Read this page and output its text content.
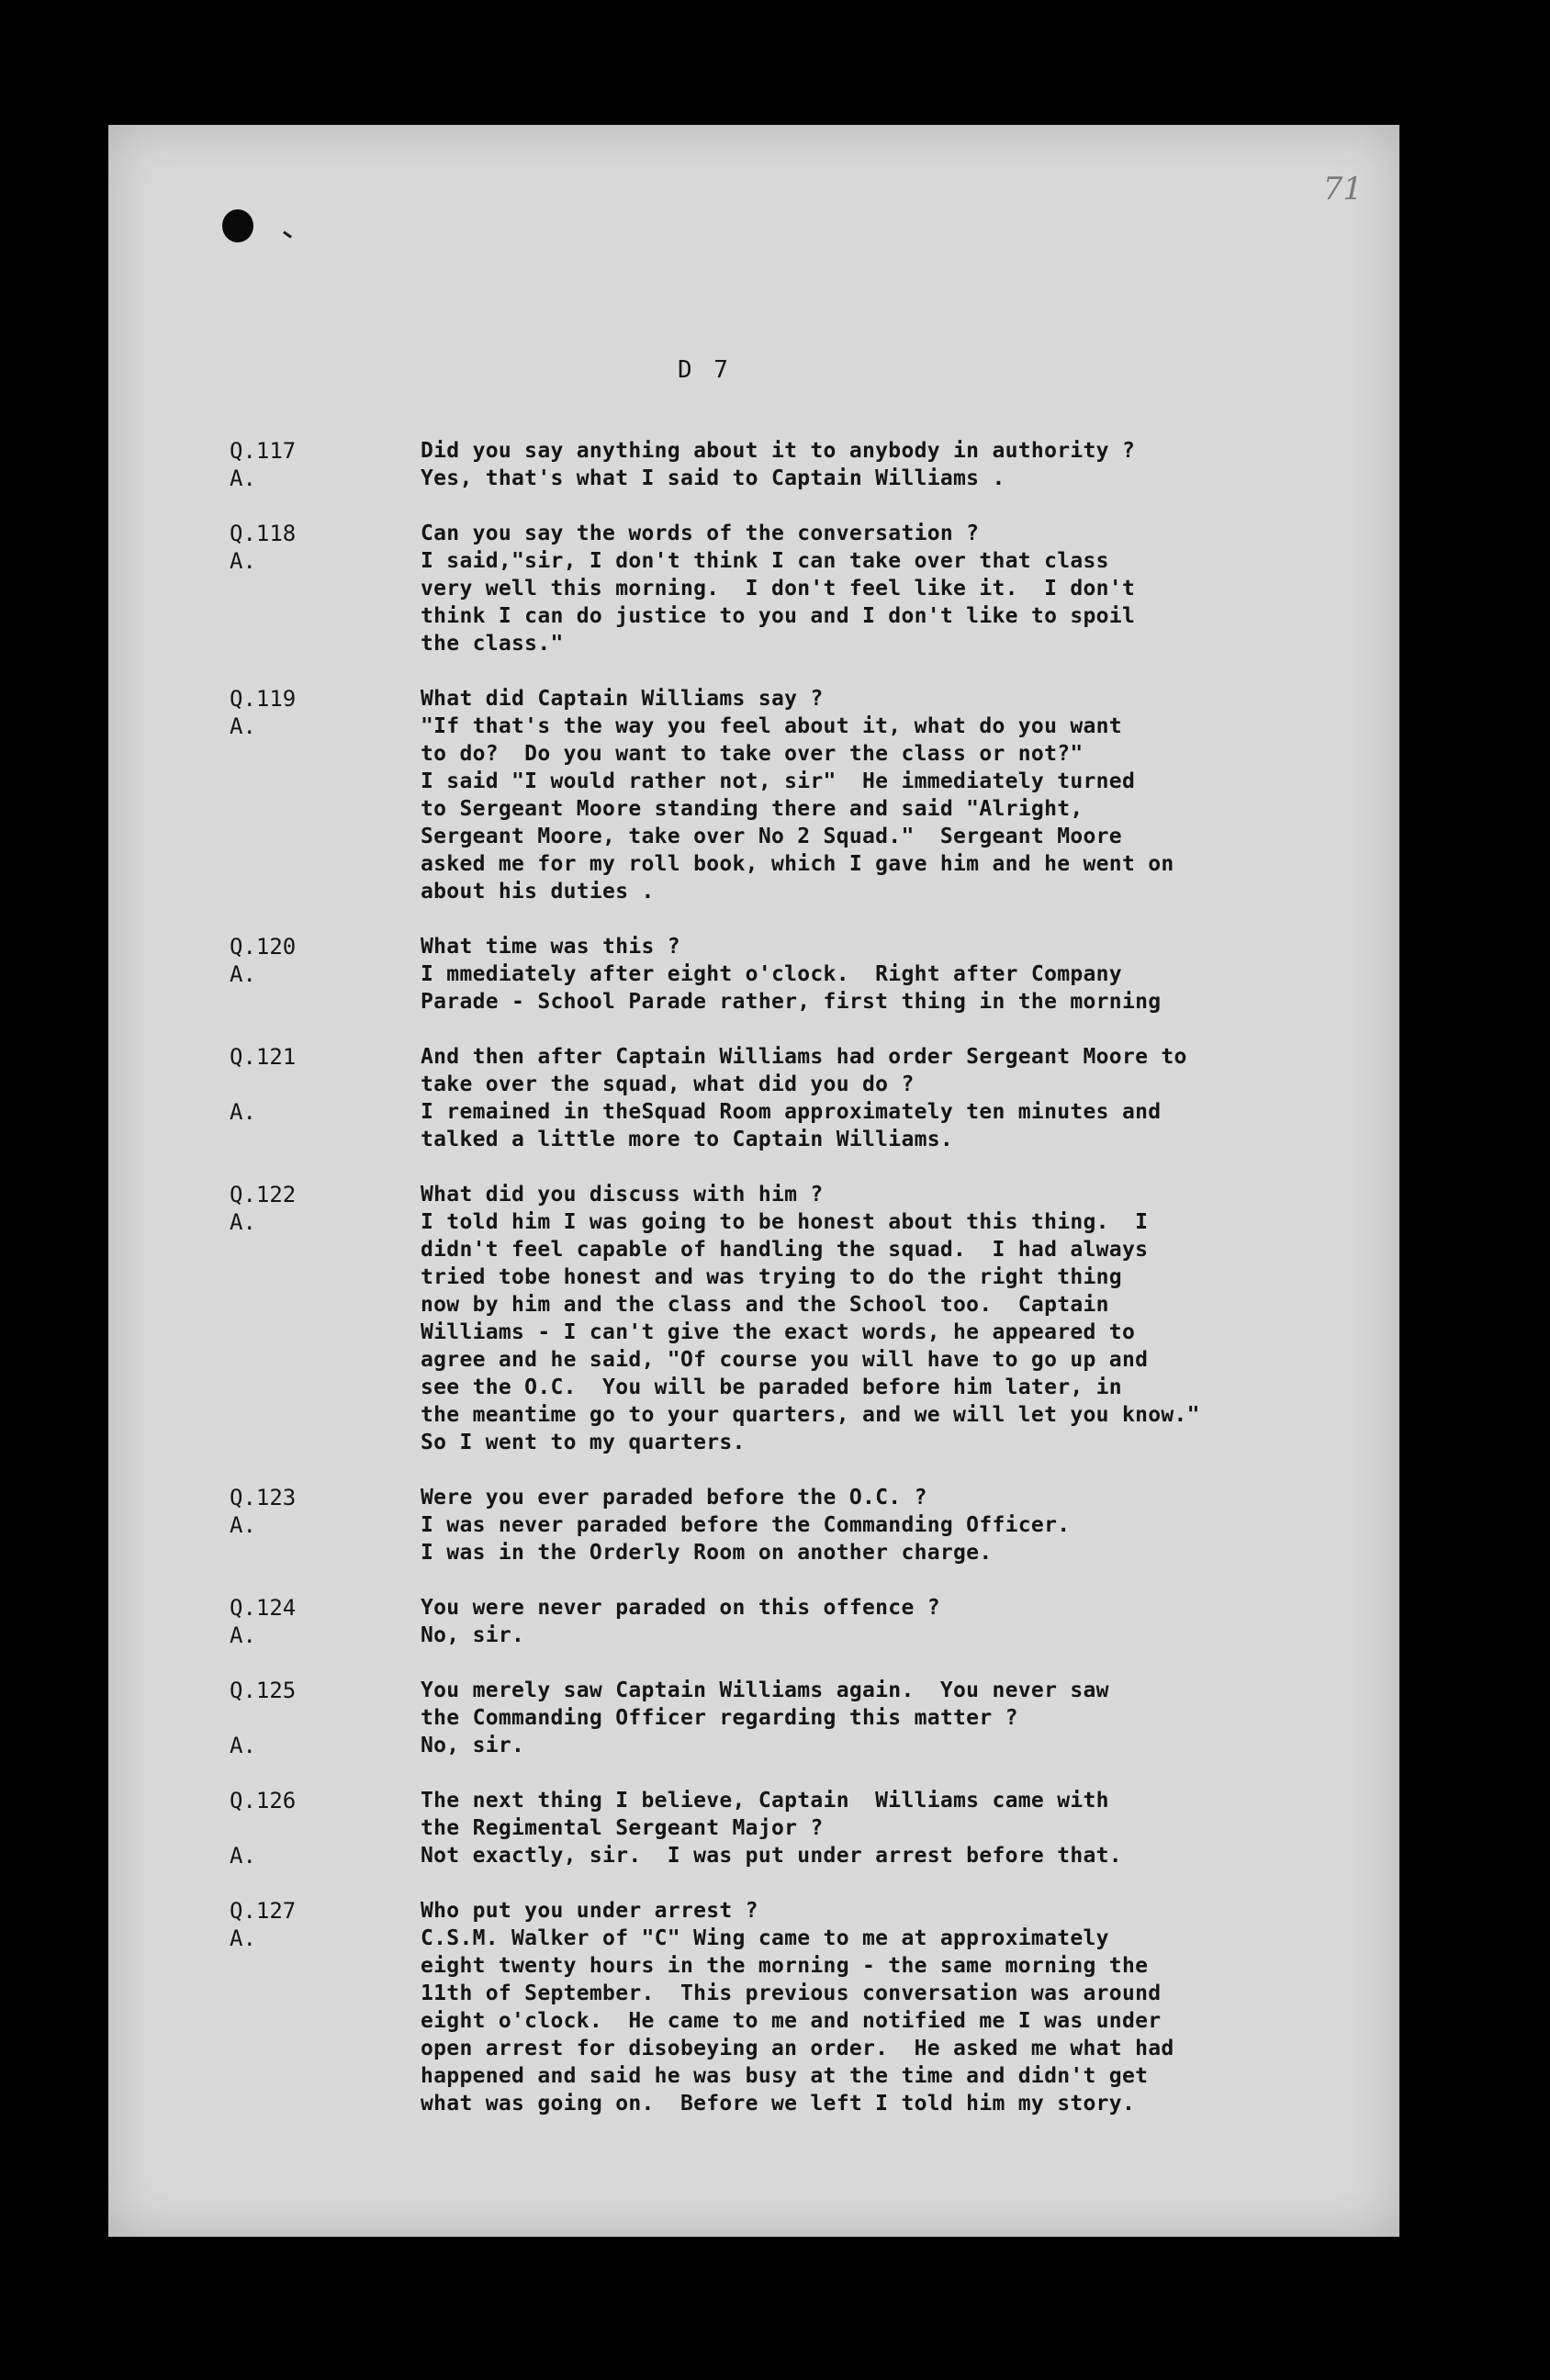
71
D 7
Q.117
A.
Did you say anything about it to anybody in authority ?
Yes, that's what I said to Captain Williams .
Q.118
A.
Can you say the words of the conversation ?
I said,"sir, I don't think I can take over that class
very well this morning.  I don't feel like it.  I don't
think I can do justice to you and I don't like to spoil
the class."
Q.119
A.
What did Captain Williams say ?
"If that's the way you feel about it, what do you want
to do?  Do you want to take over the class or not?"
I said "I would rather not, sir"  He immediately turned
to Sergeant Moore standing there and said "Alright,
Sergeant Moore, take over No 2 Squad."  Sergeant Moore
asked me for my roll book, which I gave him and he went on
about his duties .
Q.120
A.
What time was this ?
I mmediately after eight o'clock.  Right after Company
Parade - School Parade rather, first thing in the morning
Q.121
A.
And then after Captain Williams had order Sergeant Moore to
take over the squad, what did you do ?
I remained in theSquad Room approximately ten minutes and
talked a little more to Captain Williams.
Q.122
A.
What did you discuss with him ?
I told him I was going to be honest about this thing.  I
didn't feel capable of handling the squad.  I had always
tried tobe honest and was trying to do the right thing
now by him and the class and the School too.  Captain
Williams - I can't give the exact words, he appeared to
agree and he said, "Of course you will have to go up and
see the O.C.  You will be paraded before him later, in
the meantime go to your quarters, and we will let you know."
So I went to my quarters.
Q.123
A.
Were you ever paraded before the O.C. ?
I was never paraded before the Commanding Officer.
I was in the Orderly Room on another charge.
Q.124
A.
You were never paraded on this offence ?
No, sir.
Q.125
A.
You merely saw Captain Williams again.  You never saw
the Commanding Officer regarding this matter ?
No, sir.
Q.126
A.
The next thing I believe, Captain  Williams came with
the Regimental Sergeant Major ?
Not exactly, sir.  I was put under arrest before that.
Q.127
A.
Who put you under arrest ?
C.S.M. Walker of "C" Wing came to me at approximately
eight twenty hours in the morning - the same morning the
11th of September.  This previous conversation was around
eight o'clock.  He came to me and notified me I was under
open arrest for disobeying an order.  He asked me what had
happened and said he was busy at the time and didn't get
what was going on.  Before we left I told him my story.
